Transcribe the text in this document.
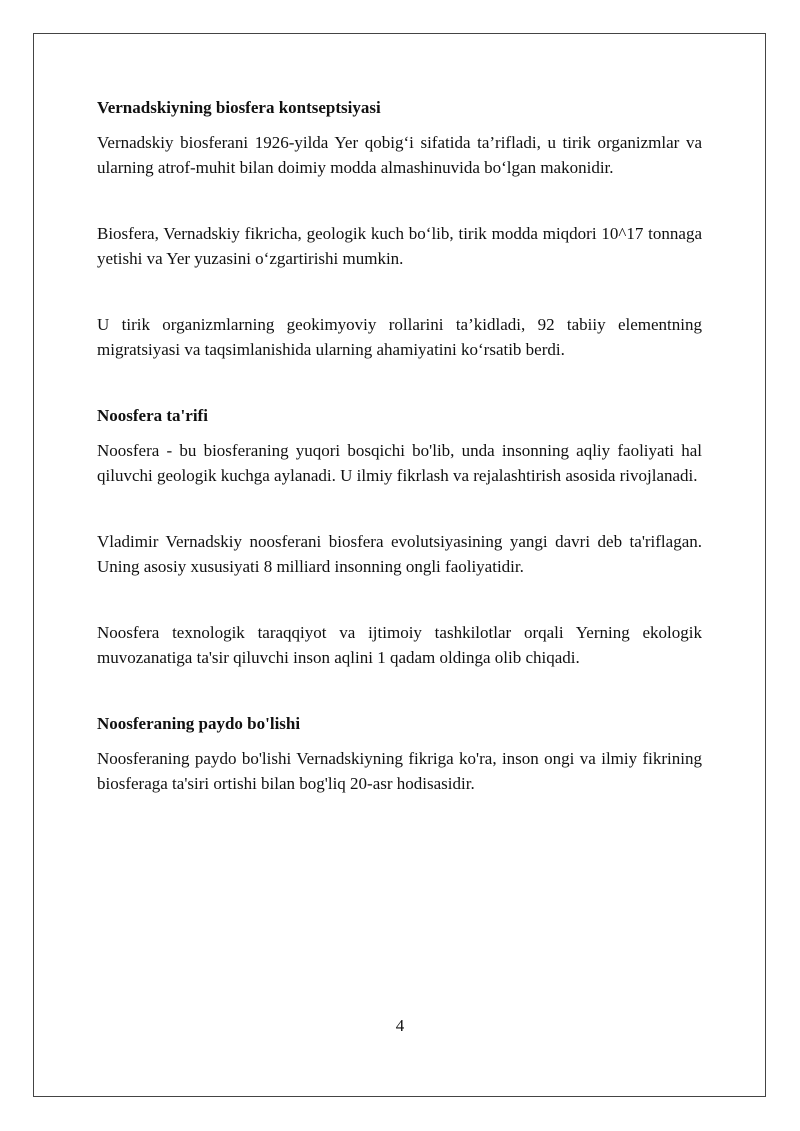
Vernadskiyning biosfera kontseptsiyasi

Vernadskiy biosferani 1926-yilda Yer qobig‘i sifatida ta’rifladi, u tirik organizmlar va ularning atrof-muhit bilan doimiy modda almashinuvida bo‘lgan makonidir.

Biosfera, Vernadskiy fikricha, geologik kuch bo‘lib, tirik modda miqdori 10^17 tonnaga yetishi va Yer yuzasini o‘zgartirishi mumkin.

U tirik organizmlarning geokimyoviy rollarini ta’kidladi, 92 tabiiy elementning migratsiyasi va taqsimlanishida ularning ahamiyatini ko‘rsatib berdi.

Noosfera ta'rifi

Noosfera - bu biosferaning yuqori bosqichi bo'lib, unda insonning aqliy faoliyati hal qiluvchi geologik kuchga aylanadi. U ilmiy fikrlash va rejalashtirish asosida rivojlanadi.

Vladimir Vernadskiy noosferani biosfera evolutsiyasining yangi davri deb ta'riflagan. Uning asosiy xususiyati 8 milliard insonning ongli faoliyatidir.

Noosfera texnologik taraqqiyot va ijtimoiy tashkilotlar orqali Yerning ekologik muvozanatiga ta'sir qiluvchi inson aqlini 1 qadam oldinga olib chiqadi.

Noosferaning paydo bo'lishi

Noosferaning paydo bo'lishi Vernadskiyning fikriga ko'ra, inson ongi va ilmiy fikrining biosferaga ta'siri ortishi bilan bog'liq 20-asr hodisasidir.

4
